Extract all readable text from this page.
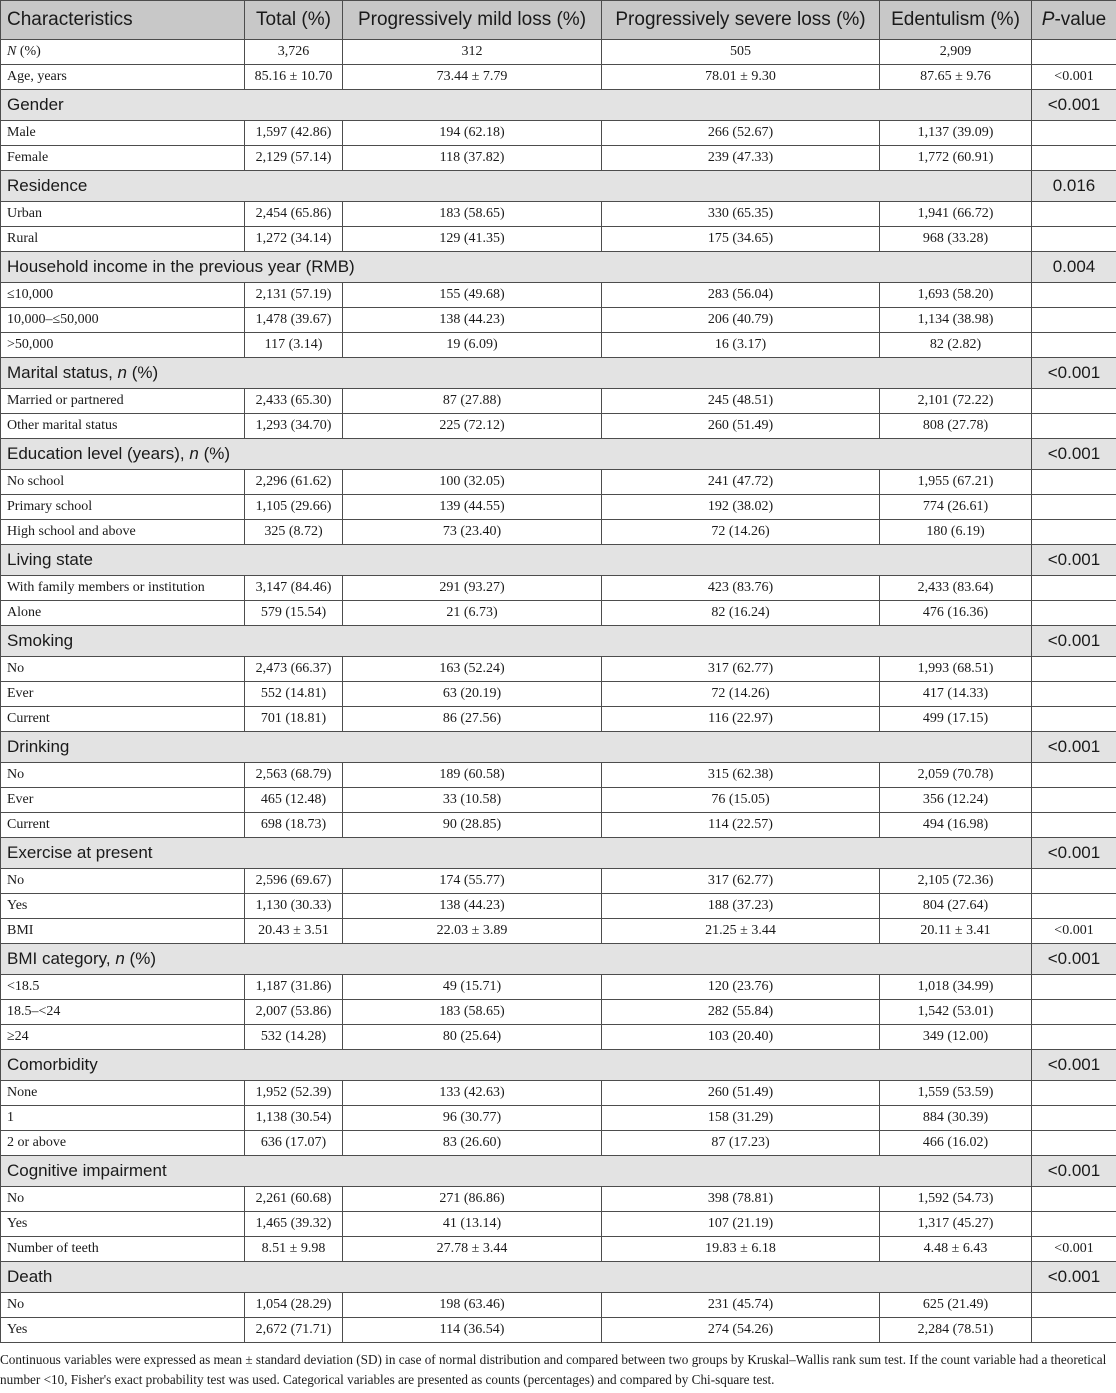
Characteristics	Total (%)	Progressively mild loss (%)	Progressively severe loss (%)	Edentulism (%)	P-value
N (%)	3,726	312	505	2,909	
Age, years	85.16 ± 10.70	73.44 ± 7.79	78.01 ± 9.30	87.65 ± 9.76	<0.001
Gender					<0.001
Male	1,597 (42.86)	194 (62.18)	266 (52.67)	1,137 (39.09)	
Female	2,129 (57.14)	118 (37.82)	239 (47.33)	1,772 (60.91)	
Residence					0.016
Urban	2,454 (65.86)	183 (58.65)	330 (65.35)	1,941 (66.72)	
Rural	1,272 (34.14)	129 (41.35)	175 (34.65)	968 (33.28)	
Household income in the previous year (RMB)					0.004
≤10,000	2,131 (57.19)	155 (49.68)	283 (56.04)	1,693 (58.20)	
10,000–≤50,000	1,478 (39.67)	138 (44.23)	206 (40.79)	1,134 (38.98)	
>50,000	117 (3.14)	19 (6.09)	16 (3.17)	82 (2.82)	
Marital status, n (%)					<0.001
Married or partnered	2,433 (65.30)	87 (27.88)	245 (48.51)	2,101 (72.22)	
Other marital status	1,293 (34.70)	225 (72.12)	260 (51.49)	808 (27.78)	
Education level (years), n (%)					<0.001
No school	2,296 (61.62)	100 (32.05)	241 (47.72)	1,955 (67.21)	
Primary school	1,105 (29.66)	139 (44.55)	192 (38.02)	774 (26.61)	
High school and above	325 (8.72)	73 (23.40)	72 (14.26)	180 (6.19)	
Living state					<0.001
With family members or institution	3,147 (84.46)	291 (93.27)	423 (83.76)	2,433 (83.64)	
Alone	579 (15.54)	21 (6.73)	82 (16.24)	476 (16.36)	
Smoking					<0.001
No	2,473 (66.37)	163 (52.24)	317 (62.77)	1,993 (68.51)	
Ever	552 (14.81)	63 (20.19)	72 (14.26)	417 (14.33)	
Current	701 (18.81)	86 (27.56)	116 (22.97)	499 (17.15)	
Drinking					<0.001
No	2,563 (68.79)	189 (60.58)	315 (62.38)	2,059 (70.78)	
Ever	465 (12.48)	33 (10.58)	76 (15.05)	356 (12.24)	
Current	698 (18.73)	90 (28.85)	114 (22.57)	494 (16.98)	
Exercise at present					<0.001
No	2,596 (69.67)	174 (55.77)	317 (62.77)	2,105 (72.36)	
Yes	1,130 (30.33)	138 (44.23)	188 (37.23)	804 (27.64)	
BMI	20.43 ± 3.51	22.03 ± 3.89	21.25 ± 3.44	20.11 ± 3.41	<0.001
BMI category, n (%)					<0.001
<18.5	1,187 (31.86)	49 (15.71)	120 (23.76)	1,018 (34.99)	
18.5–<24	2,007 (53.86)	183 (58.65)	282 (55.84)	1,542 (53.01)	
≥24	532 (14.28)	80 (25.64)	103 (20.40)	349 (12.00)	
Comorbidity					<0.001
None	1,952 (52.39)	133 (42.63)	260 (51.49)	1,559 (53.59)	
1	1,138 (30.54)	96 (30.77)	158 (31.29)	884 (30.39)	
2 or above	636 (17.07)	83 (26.60)	87 (17.23)	466 (16.02)	
Cognitive impairment					<0.001
No	2,261 (60.68)	271 (86.86)	398 (78.81)	1,592 (54.73)	
Yes	1,465 (39.32)	41 (13.14)	107 (21.19)	1,317 (45.27)	
Number of teeth	8.51 ± 9.98	27.78 ± 3.44	19.83 ± 6.18	4.48 ± 6.43	<0.001
Death					<0.001
No	1,054 (28.29)	198 (63.46)	231 (45.74)	625 (21.49)	
Yes	2,672 (71.71)	114 (36.54)	274 (54.26)	2,284 (78.51)	
Continuous variables were expressed as mean ± standard deviation (SD) in case of normal distribution and compared between two groups by Kruskal–Wallis rank sum test. If the count variable had a theoretical number <10, Fisher's exact probability test was used. Categorical variables are presented as counts (percentages) and compared by Chi-square test.
